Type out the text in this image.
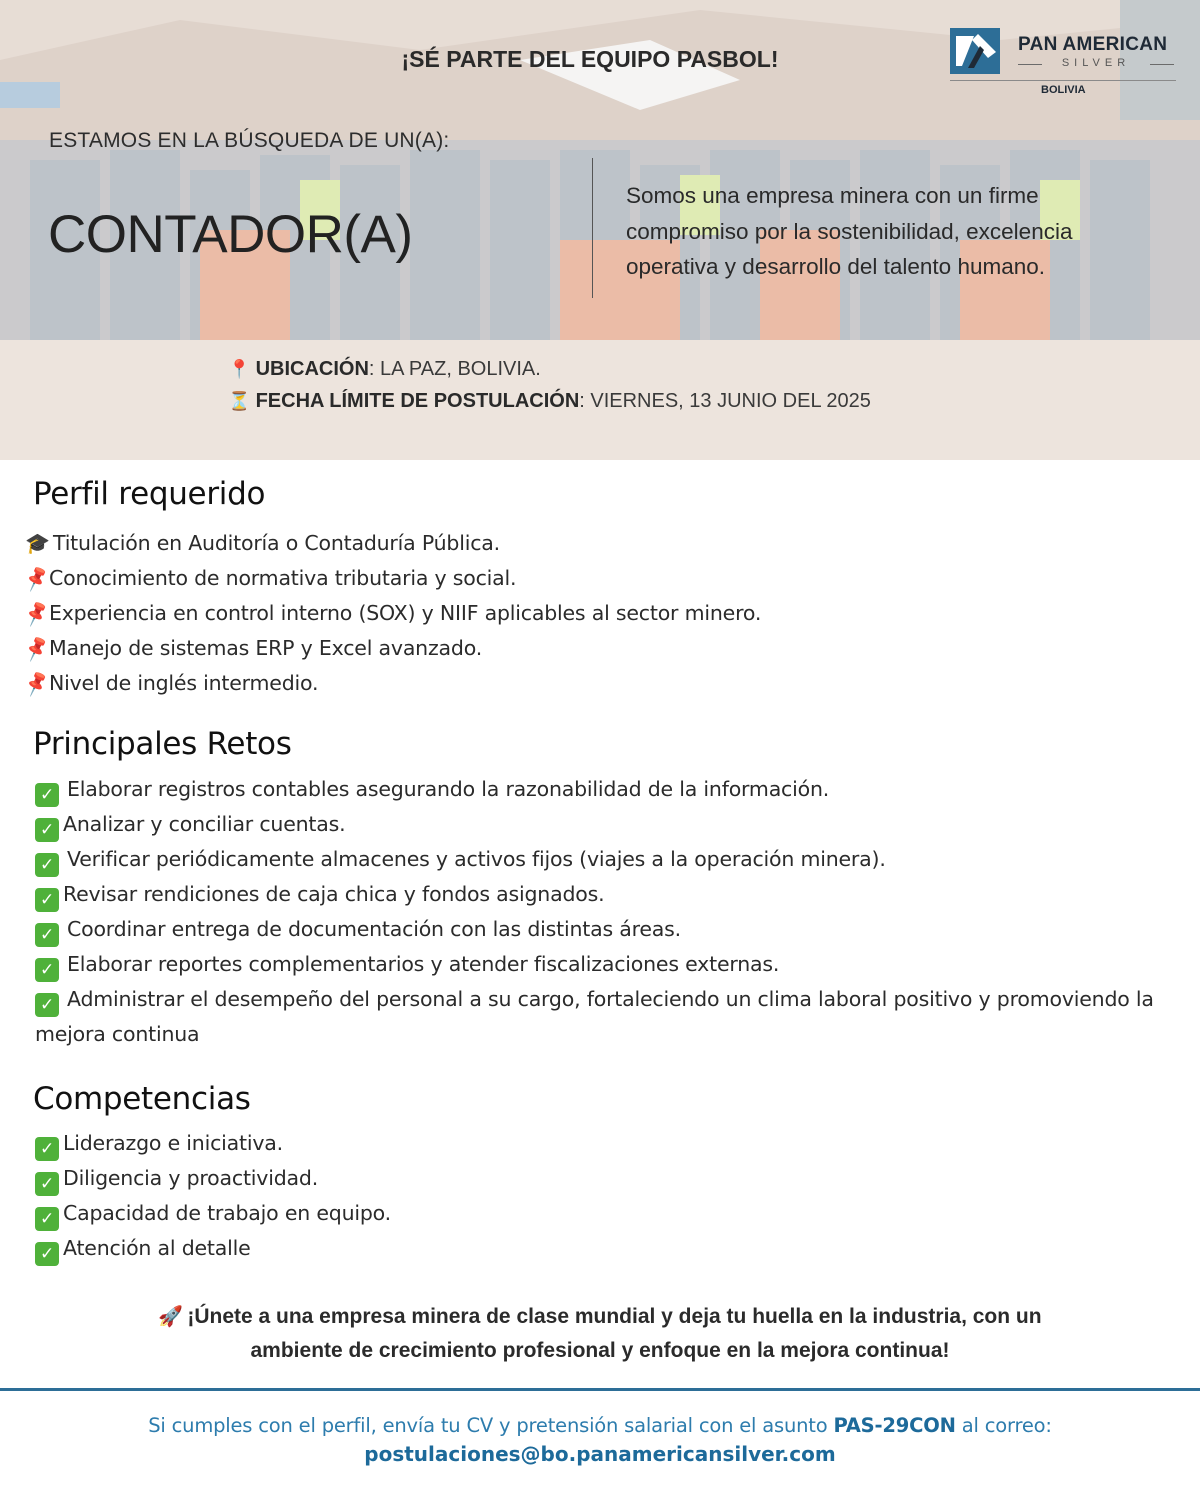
¡SÉ PARTE DEL EQUIPO PASBOL!
PAN AMERICAN
SILVER
BOLIVIA
ESTAMOS EN LA BÚSQUEDA DE UN(A):
CONTADOR(A)
Somos una empresa minera con un firme compromiso por la sostenibilidad, excelencia operativa y desarrollo del talento humano.
📍 UBICACIÓN: LA PAZ, BOLIVIA.
⏳ FECHA LÍMITE DE POSTULACIÓN: VIERNES, 13 JUNIO DEL 2025
Perfil requerido
🎓 Titulación en Auditoría o Contaduría Pública.
📌Conocimiento de normativa tributaria y social.
📌Experiencia en control interno (SOX) y NIIF aplicables al sector minero.
📌Manejo de sistemas ERP y Excel avanzado.
📌Nivel de inglés intermedio.
Principales Retos
✓ Elaborar registros contables asegurando la razonabilidad de la información.
✓ Analizar y conciliar cuentas.
✓ Verificar periódicamente almacenes y activos fijos (viajes a la operación minera).
✓ Revisar rendiciones de caja chica y fondos asignados.
✓ Coordinar entrega de documentación con las distintas áreas.
✓ Elaborar reportes complementarios y atender fiscalizaciones externas.
✓ Administrar el desempeño del personal a su cargo, fortaleciendo un clima laboral positivo y promoviendo la mejora continua
Competencias
✓ Liderazgo e iniciativa.
✓ Diligencia y proactividad.
✓ Capacidad de trabajo en equipo.
✓ Atención al detalle
🚀 ¡Únete a una empresa minera de clase mundial y deja tu huella en la industria, con un
ambiente de crecimiento profesional y enfoque en la mejora continua!
Si cumples con el perfil, envía tu CV y pretensión salarial con el asunto PAS-29CON al correo:
postulaciones@bo.panamericansilver.com
